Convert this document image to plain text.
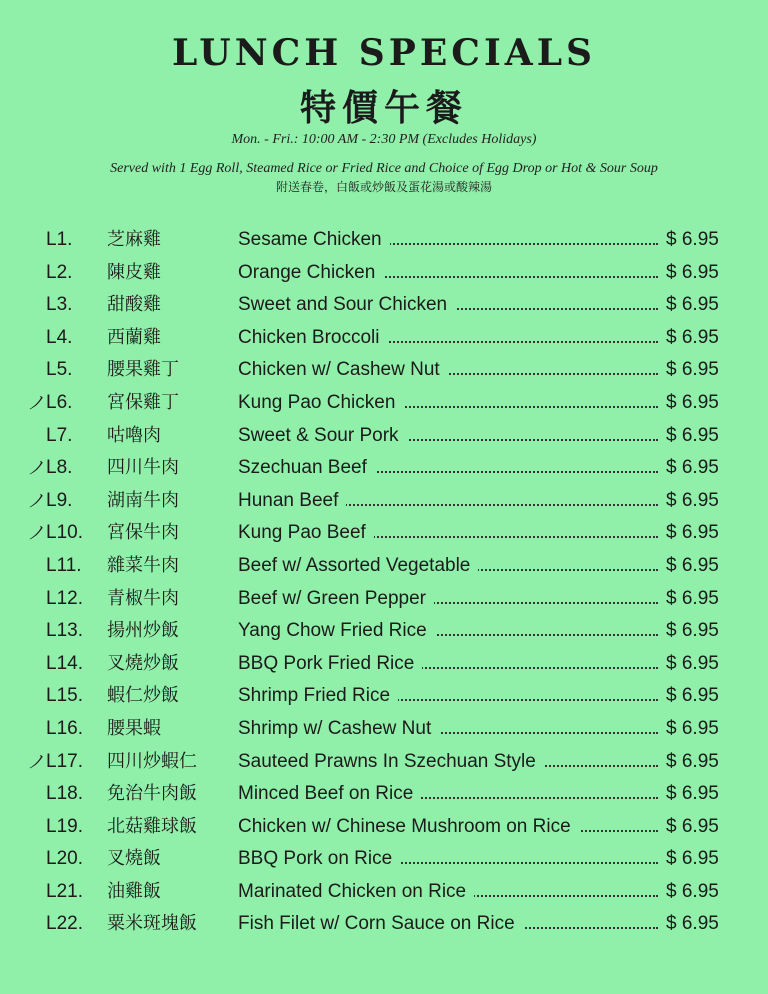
LUNCH SPECIALS
特價午餐
Mon. - Fri.: 10:00 AM - 2:30 PM (Excludes Holidays)
Served with 1 Egg Roll, Steamed Rice or Fried Rice and Choice of Egg Drop or Hot & Sour Soup
附送春卷，白飯或炒飯及蛋花湯或酸辣湯
L1. 芝麻雞	Sesame Chicken	$ 6.95
L2. 陳皮雞	Orange Chicken	$ 6.95
L3. 甜酸雞	Sweet and Sour Chicken	$ 6.95
L4. 西蘭雞	Chicken Broccoli	$ 6.95
L5. 腰果雞丁	Chicken w/ Cashew Nut	$ 6.95
ノ
L6. 宮保雞丁	Kung Pao Chicken	$ 6.95
L7. 咕嚕肉	Sweet & Sour Pork	$ 6.95
ノ
L8. 四川牛肉	Szechuan Beef	$ 6.95
ノ
L9. 湖南牛肉	Hunan Beef	$ 6.95
ノ
L10. 宮保牛肉	Kung Pao Beef	$ 6.95
L11. 雜菜牛肉	Beef w/ Assorted Vegetable	$ 6.95
L12. 青椒牛肉	Beef w/ Green Pepper	$ 6.95
L13. 揚州炒飯	Yang Chow Fried Rice	$ 6.95
L14. 叉燒炒飯	BBQ Pork Fried Rice	$ 6.95
L15. 蝦仁炒飯	Shrimp Fried Rice	$ 6.95
L16. 腰果蝦	Shrimp w/ Cashew Nut	$ 6.95
ノ
L17. 四川炒蝦仁 Sauteed Prawns In Szechuan Style	$ 6.95
L18. 免治牛肉飯 Minced Beef on Rice	$ 6.95
L19. 北菇雞球飯 Chicken w/ Chinese Mushroom on Rice	$ 6.95
L20. 叉燒飯	BBQ Pork on Rice	$ 6.95
L21. 油雞飯	Marinated Chicken on Rice	$ 6.95
L22. 粟米斑塊飯 Fish Filet w/ Corn Sauce on Rice	$ 6.95
